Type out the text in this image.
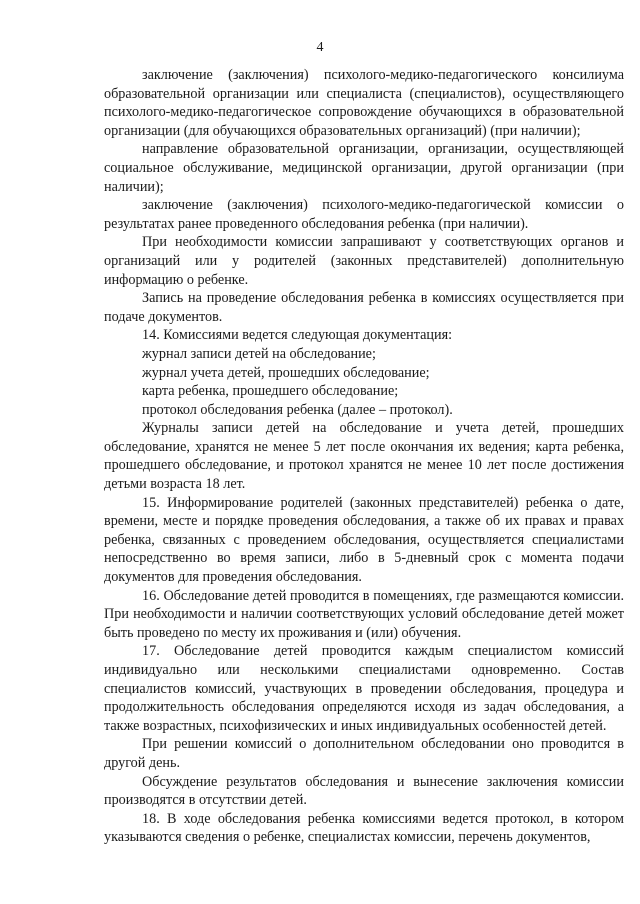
4

заключение (заключения) психолого-медико-педагогического консилиума образовательной организации или специалиста (специалистов), осуществляющего психолого-медико-педагогическое сопровождение обучающихся в образовательной организации (для обучающихся образовательных организаций) (при наличии);

направление образовательной организации, организации, осуществляющей социальное обслуживание, медицинской организации, другой организации (при наличии);

заключение (заключения) психолого-медико-педагогической комиссии о результатах ранее проведенного обследования ребенка (при наличии).

При необходимости комиссии запрашивают у соответствующих органов и организаций или у родителей (законных представителей) дополнительную информацию о ребенке.

Запись на проведение обследования ребенка в комиссиях осуществляется при подаче документов.

14. Комиссиями ведется следующая документация:

журнал записи детей на обследование;

журнал учета детей, прошедших обследование;

карта ребенка, прошедшего обследование;

протокол обследования ребенка (далее – протокол).

Журналы записи детей на обследование и учета детей, прошедших обследование, хранятся не менее 5 лет после окончания их ведения; карта ребенка, прошедшего обследование, и протокол хранятся не менее 10 лет после достижения детьми возраста 18 лет.

15. Информирование родителей (законных представителей) ребенка о дате, времени, месте и порядке проведения обследования, а также об их правах и правах ребенка, связанных с проведением обследования, осуществляется специалистами непосредственно во время записи, либо в 5-дневный срок с момента подачи документов для проведения обследования.

16. Обследование детей проводится в помещениях, где размещаются комиссии. При необходимости и наличии соответствующих условий обследование детей может быть проведено по месту их проживания и (или) обучения.

17. Обследование детей проводится каждым специалистом комиссий индивидуально или несколькими специалистами одновременно. Состав специалистов комиссий, участвующих в проведении обследования, процедура и продолжительность обследования определяются исходя из задач обследования, а также возрастных, психофизических и иных индивидуальных особенностей детей.

При решении комиссий о дополнительном обследовании оно проводится в другой день.

Обсуждение результатов обследования и вынесение заключения комиссии производятся в отсутствии детей.

18. В ходе обследования ребенка комиссиями ведется протокол, в котором указываются сведения о ребенке, специалистах комиссии, перечень документов,
